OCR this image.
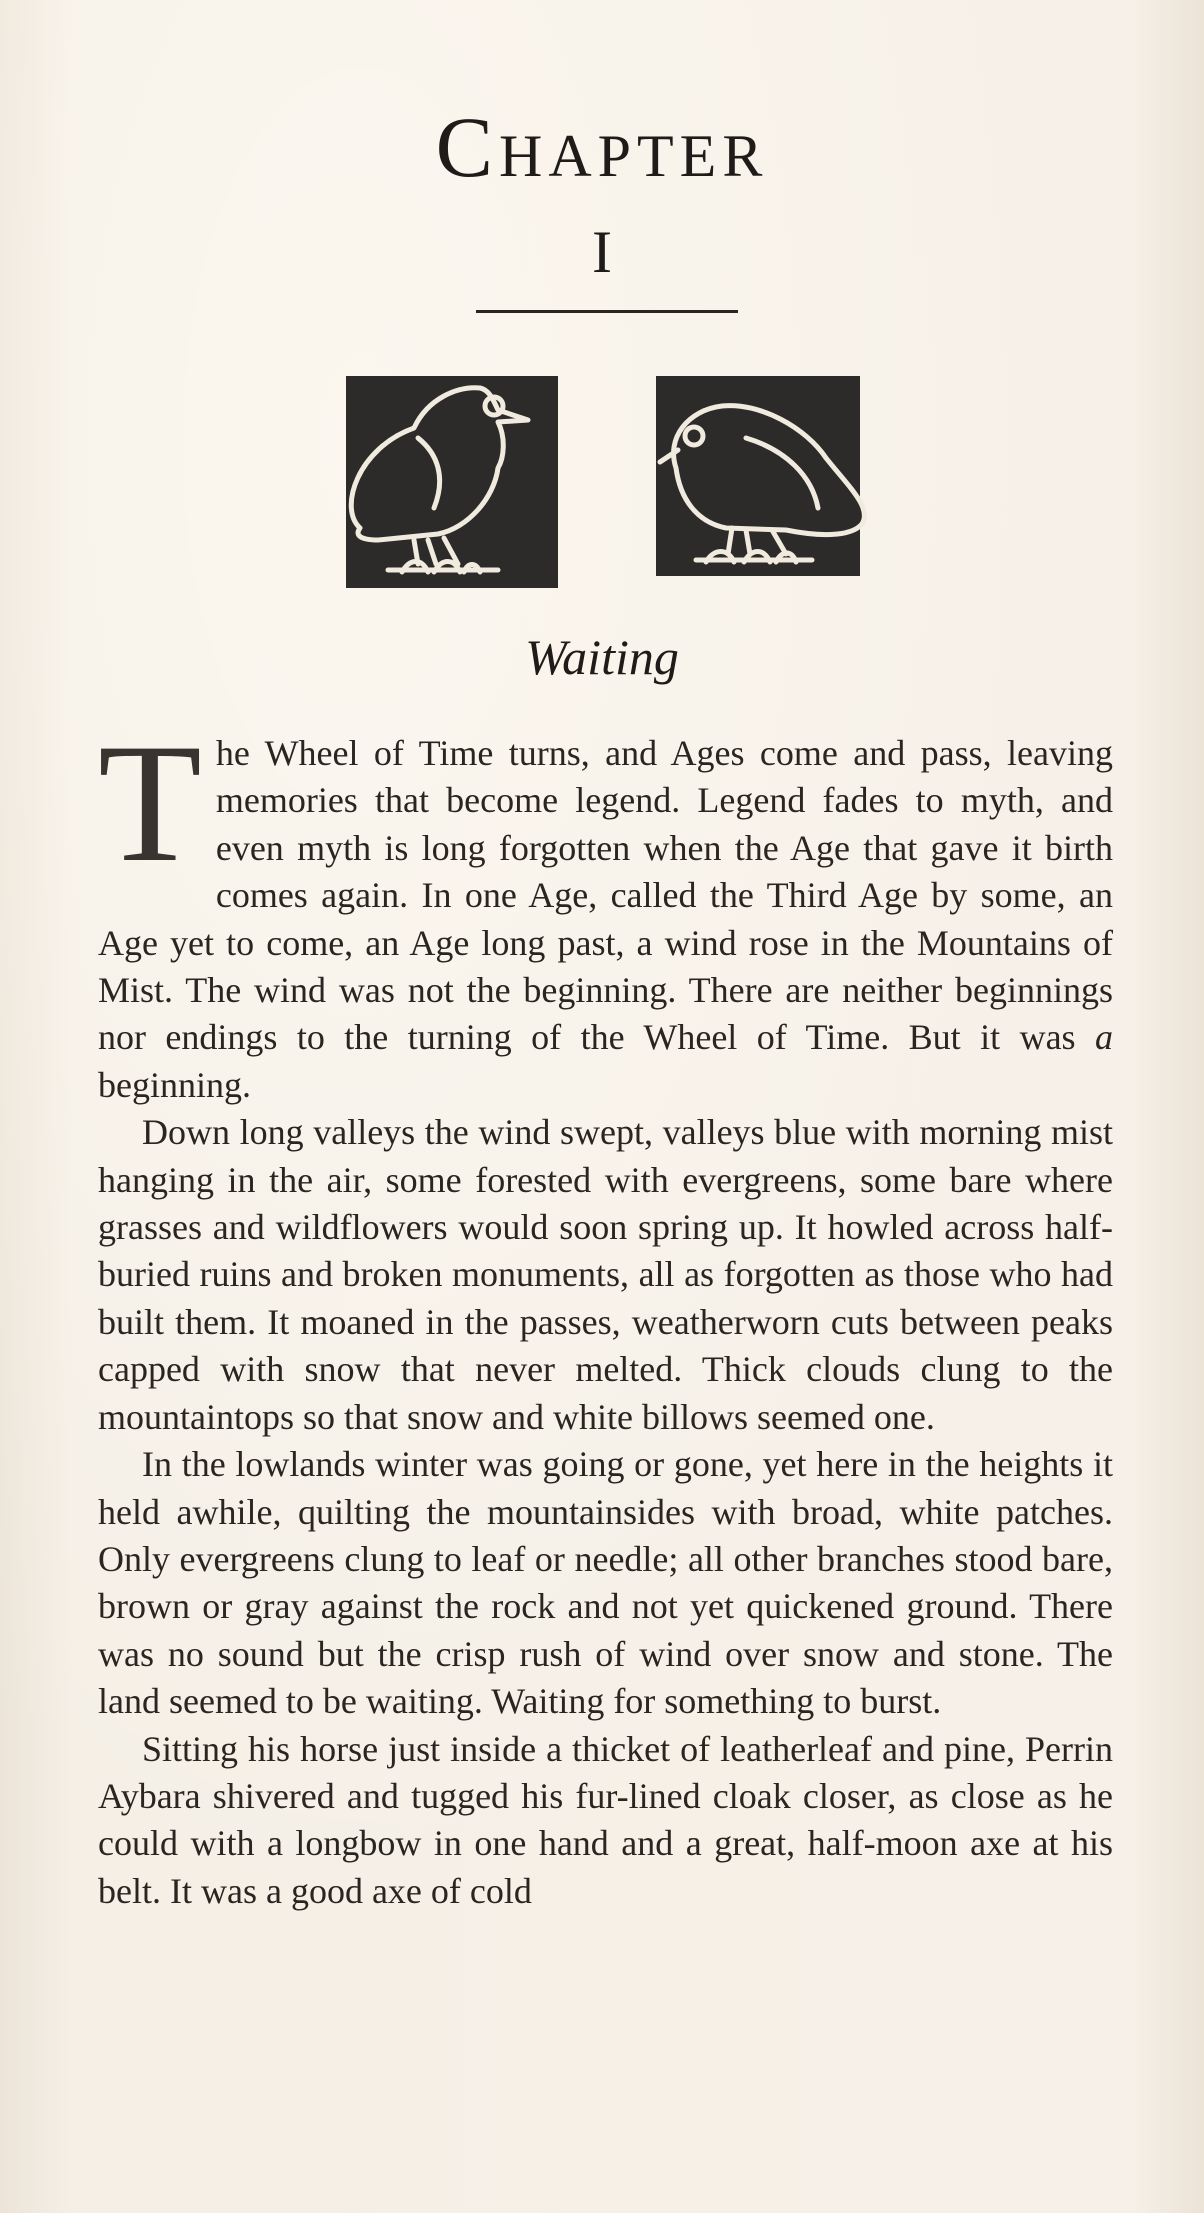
Chapter
I
Waiting

The Wheel of Time turns, and Ages come and pass, leaving memories that become legend. Legend fades to myth, and even myth is long forgotten when the Age that gave it birth comes again. In one Age, called the Third Age by some, an Age yet to come, an Age long past, a wind rose in the Mountains of Mist. The wind was not the beginning. There are neither beginnings nor endings to the turning of the Wheel of Time. But it was a beginning.

Down long valleys the wind swept, valleys blue with morning mist hanging in the air, some forested with evergreens, some bare where grasses and wildflowers would soon spring up. It howled across half-buried ruins and broken monuments, all as forgotten as those who had built them. It moaned in the passes, weatherworn cuts between peaks capped with snow that never melted. Thick clouds clung to the mountaintops so that snow and white billows seemed one.

In the lowlands winter was going or gone, yet here in the heights it held awhile, quilting the mountainsides with broad, white patches. Only evergreens clung to leaf or needle; all other branches stood bare, brown or gray against the rock and not yet quickened ground. There was no sound but the crisp rush of wind over snow and stone. The land seemed to be waiting. Waiting for something to burst.

Sitting his horse just inside a thicket of leatherleaf and pine, Perrin Aybara shivered and tugged his fur-lined cloak closer, as close as he could with a longbow in one hand and a great, half-moon axe at his belt. It was a good axe of cold
